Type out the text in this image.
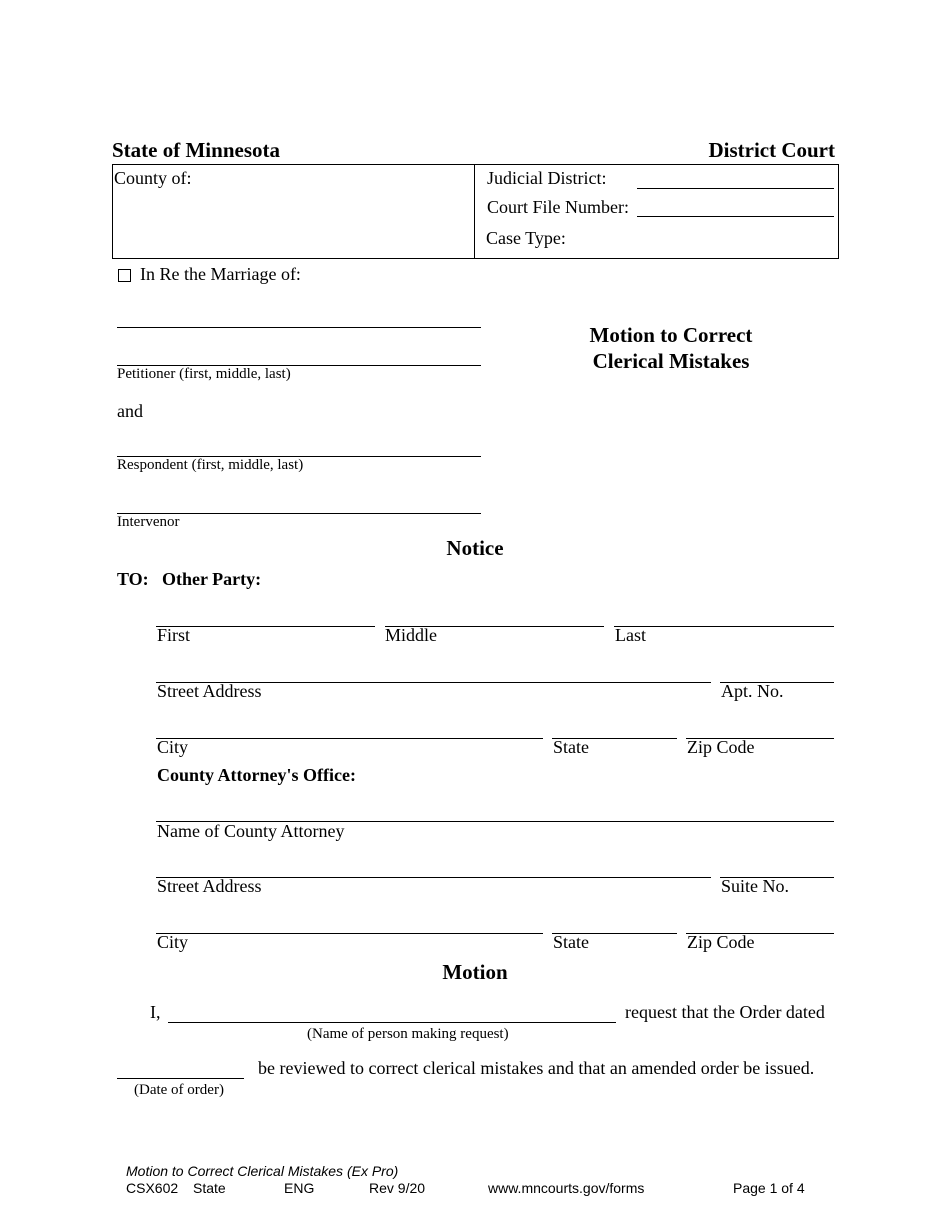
State of Minnesota	District Court
County of:	Judicial District:
Court File Number:
Case Type:
In Re the Marriage of:
Petitioner (first, middle, last)
and
Respondent (first, middle, last)
Intervenor
Motion to Correct
Clerical Mistakes
Notice
TO: Other Party:
First	Middle	Last
Street Address	Apt. No.
City	State	Zip Code
County Attorney's Office:
Name of County Attorney
Street Address	Suite No.
City	State	Zip Code
Motion
I,	request that the Order dated
(Name of person making request)
be reviewed to correct clerical mistakes and that an amended order be issued.
(Date of order)
Motion to Correct Clerical Mistakes (Ex Pro)
CSX602 State	ENG	Rev 9/20	www.mncourts.gov/forms	Page 1 of 4
